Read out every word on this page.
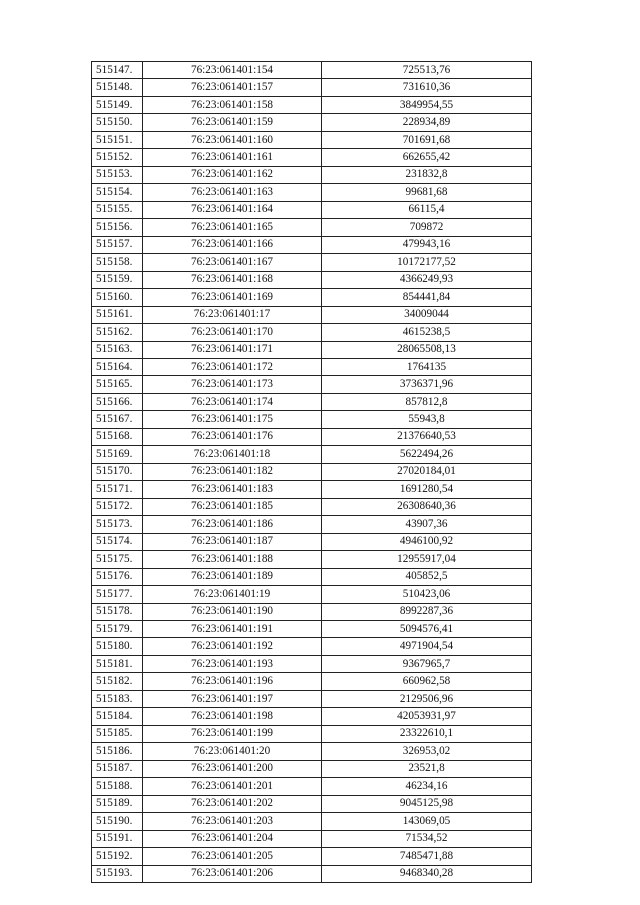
515147.	76:23:061401:154	725513,76
515148.	76:23:061401:157	731610,36
515149.	76:23:061401:158	3849954,55
515150.	76:23:061401:159	228934,89
515151.	76:23:061401:160	701691,68
515152.	76:23:061401:161	662655,42
515153.	76:23:061401:162	231832,8
515154.	76:23:061401:163	99681,68
515155.	76:23:061401:164	66115,4
515156.	76:23:061401:165	709872
515157.	76:23:061401:166	479943,16
515158.	76:23:061401:167	10172177,52
515159.	76:23:061401:168	4366249,93
515160.	76:23:061401:169	854441,84
515161.	76:23:061401:17	34009044
515162.	76:23:061401:170	4615238,5
515163.	76:23:061401:171	28065508,13
515164.	76:23:061401:172	1764135
515165.	76:23:061401:173	3736371,96
515166.	76:23:061401:174	857812,8
515167.	76:23:061401:175	55943,8
515168.	76:23:061401:176	21376640,53
515169.	76:23:061401:18	5622494,26
515170.	76:23:061401:182	27020184,01
515171.	76:23:061401:183	1691280,54
515172.	76:23:061401:185	26308640,36
515173.	76:23:061401:186	43907,36
515174.	76:23:061401:187	4946100,92
515175.	76:23:061401:188	12955917,04
515176.	76:23:061401:189	405852,5
515177.	76:23:061401:19	510423,06
515178.	76:23:061401:190	8992287,36
515179.	76:23:061401:191	5094576,41
515180.	76:23:061401:192	4971904,54
515181.	76:23:061401:193	9367965,7
515182.	76:23:061401:196	660962,58
515183.	76:23:061401:197	2129506,96
515184.	76:23:061401:198	42053931,97
515185.	76:23:061401:199	23322610,1
515186.	76:23:061401:20	326953,02
515187.	76:23:061401:200	23521,8
515188.	76:23:061401:201	46234,16
515189.	76:23:061401:202	9045125,98
515190.	76:23:061401:203	143069,05
515191.	76:23:061401:204	71534,52
515192.	76:23:061401:205	7485471,88
515193.	76:23:061401:206	9468340,28
